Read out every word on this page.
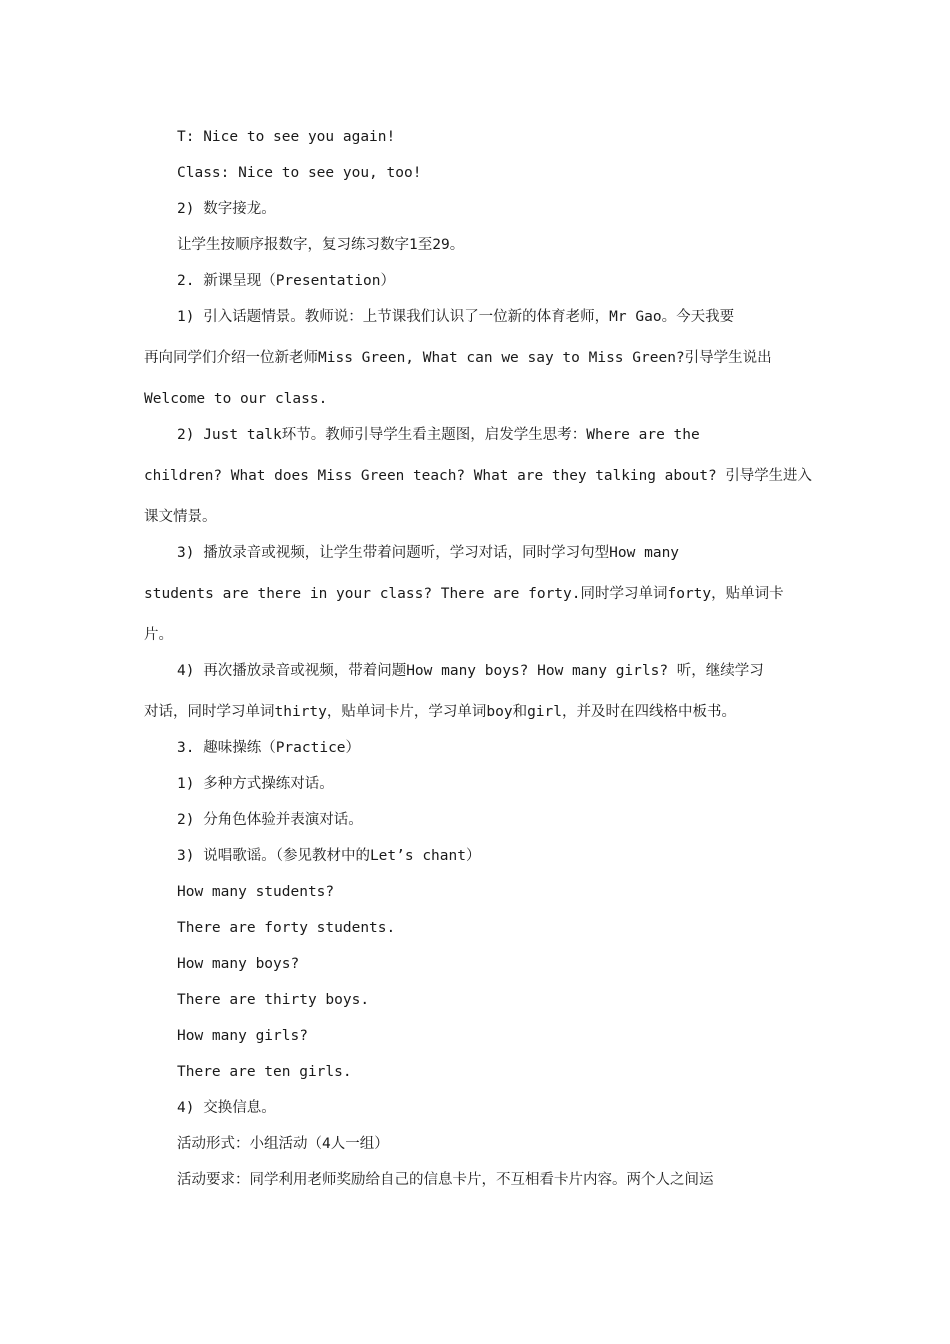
T: Nice to see you again!
Class: Nice to see you, too!
2) 数字接龙。
让学生按顺序报数字，复习练习数字1至29。
2. 新课呈现（Presentation）
1) 引入话题情景。教师说：上节课我们认识了一位新的体育老师，Mr Gao。今天我要
再向同学们介绍一位新老师Miss Green, What can we say to Miss Green?引导学生说出
Welcome to our class.
2) Just talk环节。教师引导学生看主题图，启发学生思考：Where are the
children? What does Miss Green teach? What are they talking about? 引导学生进入
课文情景。
3) 播放录音或视频，让学生带着问题听，学习对话，同时学习句型How many
students are there in your class? There are forty.同时学习单词forty，贴单词卡
片。
4) 再次播放录音或视频，带着问题How many boys? How many girls? 听，继续学习
对话，同时学习单词thirty，贴单词卡片，学习单词boy和girl，并及时在四线格中板书。
3. 趣味操练（Practice）
1) 多种方式操练对话。
2) 分角色体验并表演对话。
3) 说唱歌谣。（参见教材中的Let’s chant）
How many students?
There are forty students.
How many boys?
There are thirty boys.
How many girls?
There are ten girls.
4) 交换信息。
活动形式：小组活动（4人一组）
活动要求：同学利用老师奖励给自己的信息卡片，不互相看卡片内容。两个人之间运
